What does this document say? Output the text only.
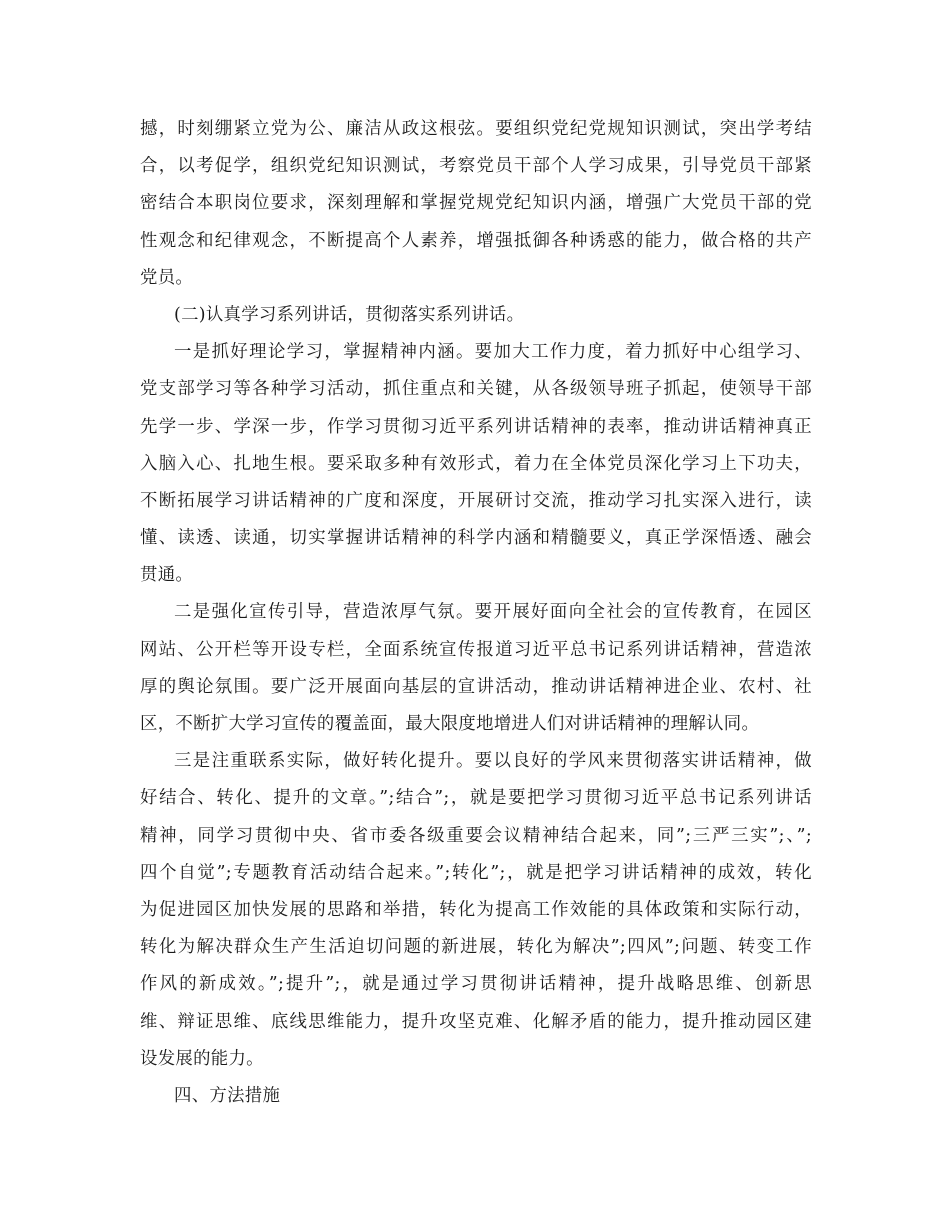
撼，时刻绷紧立党为公、廉洁从政这根弦。要组织党纪党规知识测试，突出学考结
合，以考促学，组织党纪知识测试，考察党员干部个人学习成果，引导党员干部紧
密结合本职岗位要求，深刻理解和掌握党规党纪知识内涵，增强广大党员干部的党
性观念和纪律观念，不断提高个人素养，增强抵御各种诱惑的能力，做合格的共产
党员。
(二)认真学习系列讲话，贯彻落实系列讲话。
一是抓好理论学习，掌握精神内涵。要加大工作力度，着力抓好中心组学习、
党支部学习等各种学习活动，抓住重点和关键，从各级领导班子抓起，使领导干部
先学一步、学深一步，作学习贯彻习近平系列讲话精神的表率，推动讲话精神真正
入脑入心、扎地生根。要采取多种有效形式，着力在全体党员深化学习上下功夫，
不断拓展学习讲话精神的广度和深度，开展研讨交流，推动学习扎实深入进行，读
懂、读透、读通，切实掌握讲话精神的科学内涵和精髓要义，真正学深悟透、融会
贯通。
二是强化宣传引导，营造浓厚气氛。要开展好面向全社会的宣传教育，在园区
网站、公开栏等开设专栏，全面系统宣传报道习近平总书记系列讲话精神，营造浓
厚的舆论氛围。要广泛开展面向基层的宣讲活动，推动讲话精神进企业、农村、社
区，不断扩大学习宣传的覆盖面，最大限度地增进人们对讲话精神的理解认同。
三是注重联系实际，做好转化提升。要以良好的学风来贯彻落实讲话精神，做
好结合、转化、提升的文章。”;结合”;，就是要把学习贯彻习近平总书记系列讲话
精神，同学习贯彻中央、省市委各级重要会议精神结合起来，同”;三严三实”;、”;
四个自觉”;专题教育活动结合起来。”;转化”;，就是把学习讲话精神的成效，转化
为促进园区加快发展的思路和举措，转化为提高工作效能的具体政策和实际行动，
转化为解决群众生产生活迫切问题的新进展，转化为解决”;四风”;问题、转变工作
作风的新成效。”;提升”;，就是通过学习贯彻讲话精神，提升战略思维、创新思
维、辩证思维、底线思维能力，提升攻坚克难、化解矛盾的能力，提升推动园区建
设发展的能力。
四、方法措施
